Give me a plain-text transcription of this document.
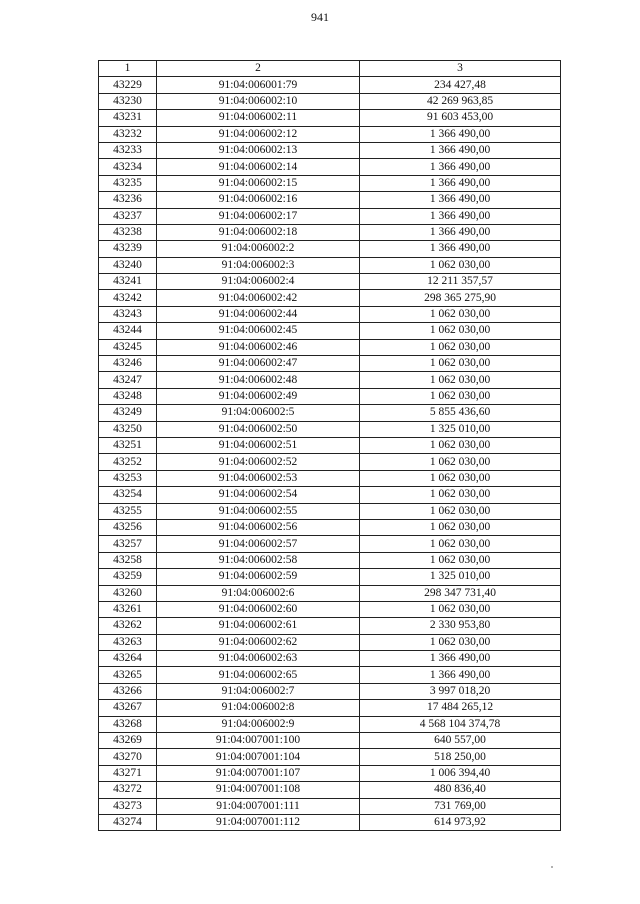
941
1	2	3
43229	91:04:006001:79	234 427,48
43230	91:04:006002:10	42 269 963,85
43231	91:04:006002:11	91 603 453,00
43232	91:04:006002:12	1 366 490,00
43233	91:04:006002:13	1 366 490,00
43234	91:04:006002:14	1 366 490,00
43235	91:04:006002:15	1 366 490,00
43236	91:04:006002:16	1 366 490,00
43237	91:04:006002:17	1 366 490,00
43238	91:04:006002:18	1 366 490,00
43239	91:04:006002:2	1 366 490,00
43240	91:04:006002:3	1 062 030,00
43241	91:04:006002:4	12 211 357,57
43242	91:04:006002:42	298 365 275,90
43243	91:04:006002:44	1 062 030,00
43244	91:04:006002:45	1 062 030,00
43245	91:04:006002:46	1 062 030,00
43246	91:04:006002:47	1 062 030,00
43247	91:04:006002:48	1 062 030,00
43248	91:04:006002:49	1 062 030,00
43249	91:04:006002:5	5 855 436,60
43250	91:04:006002:50	1 325 010,00
43251	91:04:006002:51	1 062 030,00
43252	91:04:006002:52	1 062 030,00
43253	91:04:006002:53	1 062 030,00
43254	91:04:006002:54	1 062 030,00
43255	91:04:006002:55	1 062 030,00
43256	91:04:006002:56	1 062 030,00
43257	91:04:006002:57	1 062 030,00
43258	91:04:006002:58	1 062 030,00
43259	91:04:006002:59	1 325 010,00
43260	91:04:006002:6	298 347 731,40
43261	91:04:006002:60	1 062 030,00
43262	91:04:006002:61	2 330 953,80
43263	91:04:006002:62	1 062 030,00
43264	91:04:006002:63	1 366 490,00
43265	91:04:006002:65	1 366 490,00
43266	91:04:006002:7	3 997 018,20
43267	91:04:006002:8	17 484 265,12
43268	91:04:006002:9	4 568 104 374,78
43269	91:04:007001:100	640 557,00
43270	91:04:007001:104	518 250,00
43271	91:04:007001:107	1 006 394,40
43272	91:04:007001:108	480 836,40
43273	91:04:007001:111	731 769,00
43274	91:04:007001:112	614 973,92
